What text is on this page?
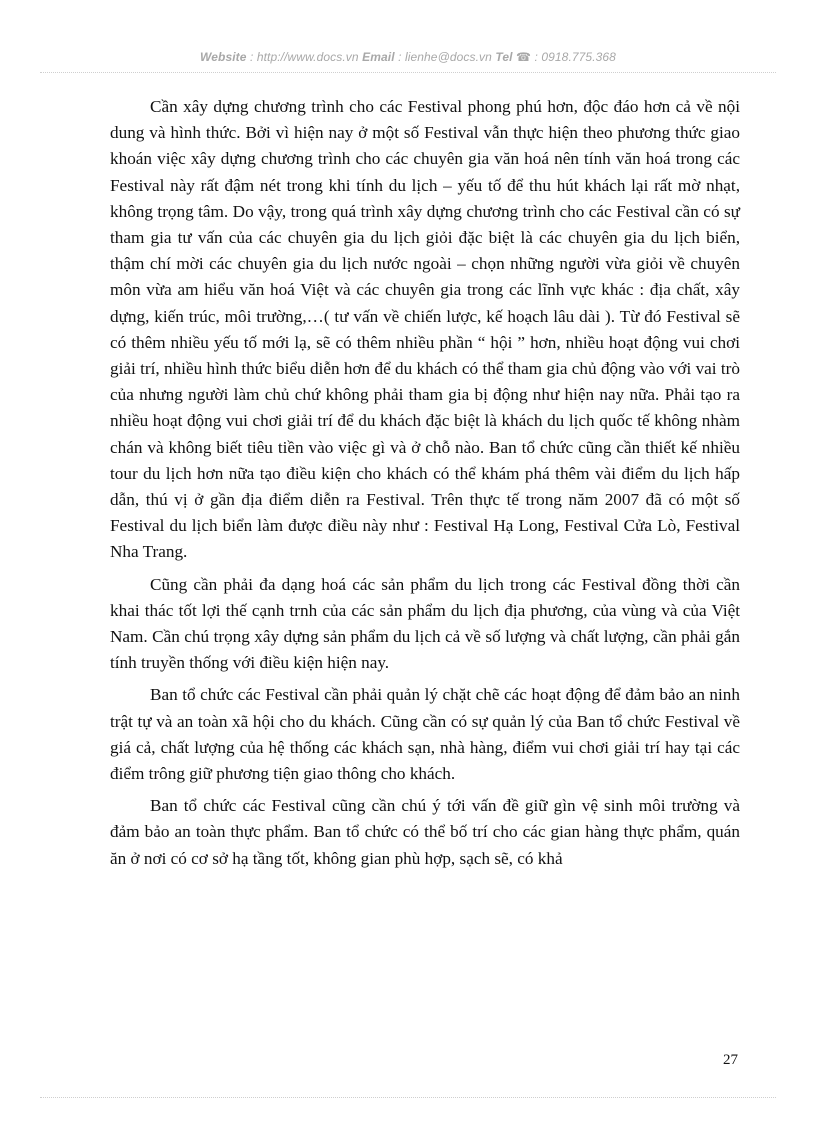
Website : http://www.docs.vn Email : lienhe@docs.vn Tel ☎ : 0918.775.368

Cần xây dựng chương trình cho các Festival phong phú hơn, độc đáo hơn cả về nội dung và hình thức. Bởi vì hiện nay ở một số Festival vẫn thực hiện theo phương thức giao khoán việc xây dựng chương trình cho các chuyên gia văn hoá nên tính văn hoá trong các Festival này rất đậm nét trong khi tính du lịch – yếu tố để thu hút khách lại rất mờ nhạt, không trọng tâm. Do vậy, trong quá trình xây dựng chương trình cho các Festival cần có sự tham gia tư vấn của các chuyên gia du lịch giỏi đặc biệt là các chuyên gia du lịch biển, thậm chí mời các chuyên gia du lịch nước ngoài – chọn những người vừa giỏi về chuyên môn vừa am hiểu văn hoá Việt và các chuyên gia trong các lĩnh vực khác : địa chất, xây dựng, kiến trúc, môi trường,…( tư vấn về chiến lược, kế hoạch lâu dài ). Từ đó Festival sẽ có thêm nhiều yếu tố mới lạ, sẽ có thêm nhiều phần “ hội ” hơn, nhiều hoạt động vui chơi giải trí, nhiều hình thức biểu diễn hơn để du khách có thể tham gia chủ động vào với vai trò của nhưng người làm chủ chứ không phải tham gia bị động như hiện nay nữa. Phải tạo ra nhiều hoạt động vui chơi giải trí để du khách đặc biệt là khách du lịch quốc tế không nhàm chán và không biết tiêu tiền vào việc gì và ở chỗ nào. Ban tổ chức cũng cần thiết kế nhiều tour du lịch hơn nữa tạo điều kiện cho khách có thể khám phá thêm vài điểm du lịch hấp dẫn, thú vị ở gần địa điểm diễn ra Festival. Trên thực tế trong năm 2007 đã có một số Festival du lịch biển làm được điều này như : Festival Hạ Long, Festival Cửa Lò, Festival Nha Trang.

Cũng cần phải đa dạng hoá các sản phẩm du lịch trong các Festival đồng thời cần khai thác tốt lợi thế cạnh trnh của các sản phẩm du lịch địa phương, của vùng và của Việt Nam. Cần chú trọng xây dựng sản phẩm du lịch cả về số lượng và chất lượng, cần phải gắn tính truyền thống với điều kiện hiện nay.

Ban tổ chức các Festival cần phải quản lý chặt chẽ các hoạt động để đảm bảo an ninh trật tự và an toàn xã hội cho du khách. Cũng cần có sự quản lý của Ban tổ chức Festival về giá cả, chất lượng của hệ thống các khách sạn, nhà hàng, điểm vui chơi giải trí hay tại các điểm trông giữ phương tiện giao thông cho khách.

Ban tổ chức các Festival cũng cần chú ý tới vấn đề giữ gìn vệ sinh môi trường và đảm bảo an toàn thực phẩm. Ban tổ chức có thể bố trí cho các gian hàng thực phẩm, quán ăn ở nơi có cơ sở hạ tầng tốt, không gian phù hợp, sạch sẽ, có khả

27
